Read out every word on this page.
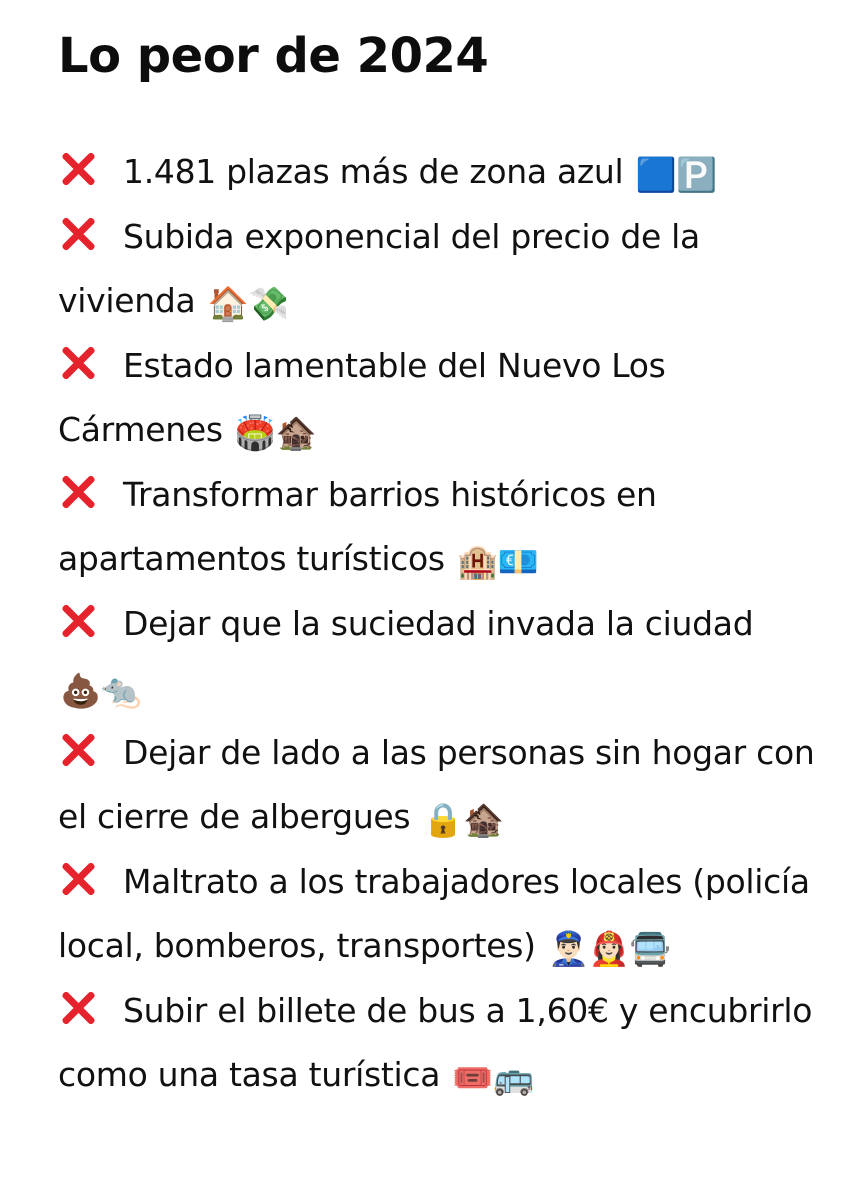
Lo peor de 2024
1.481 plazas más de zona azul 🟦🅿️
Subida exponencial del precio de la vivienda 🏠💸
Estado lamentable del Nuevo Los Cármenes 🏟️🏚️
Transformar barrios históricos en apartamentos turísticos 🏨💶
Dejar que la suciedad invada la ciudad 💩🐀
Dejar de lado a las personas sin hogar con el cierre de albergues 🔒🏚️
Maltrato a los trabajadores locales (policía local, bomberos, transportes) 👮🏻‍♂️👩🏻‍🚒🚍
Subir el billete de bus a 1,60€ y encubrirlo como una tasa turística 🎟️🚌
